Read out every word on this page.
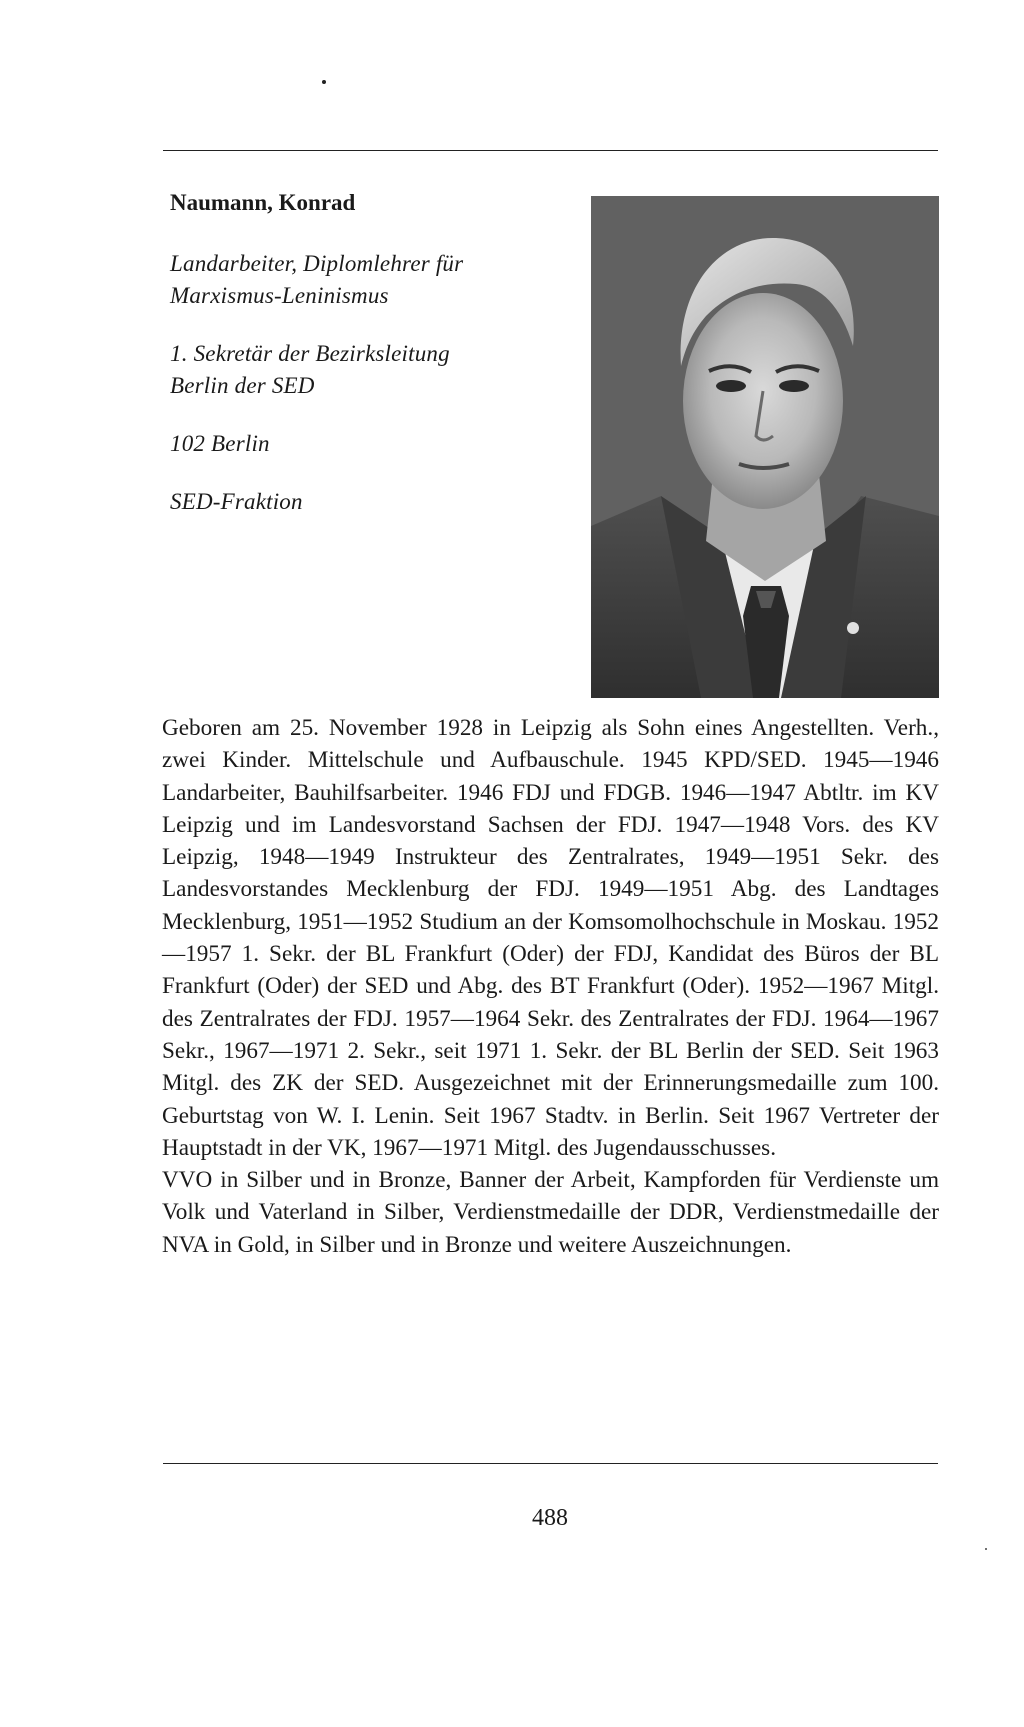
Naumann, Konrad
Landarbeiter, Diplomlehrer für
Marxismus-Leninismus
1. Sekretär der Bezirksleitung
Berlin der SED
102 Berlin
SED-Fraktion

Geboren am 25. November 1928 in Leipzig als Sohn eines Angestellten. Verh., zwei Kinder. Mittelschule und Aufbauschule. 1945 KPD/SED. 1945—1946 Landarbeiter, Bauhilfsarbeiter. 1946 FDJ und FDGB. 1946—1947 Abtltr. im KV Leipzig und im Landesvorstand Sachsen der FDJ. 1947—1948 Vors. des KV Leipzig, 1948—1949 Instrukteur des Zentralrates, 1949—1951 Sekr. des Landesvorstandes Mecklenburg der FDJ. 1949—1951 Abg. des Landtages Mecklenburg, 1951—1952 Studium an der Komsomolhochschule in Moskau. 1952—1957 1. Sekr. der BL Frankfurt (Oder) der FDJ, Kandidat des Büros der BL Frankfurt (Oder) der SED und Abg. des BT Frankfurt (Oder). 1952—1967 Mitgl. des Zentralrates der FDJ. 1957—1964 Sekr. des Zentralrates der FDJ. 1964—1967 Sekr., 1967—1971 2. Sekr., seit 1971 1. Sekr. der BL Berlin der SED. Seit 1963 Mitgl. des ZK der SED. Ausgezeichnet mit der Erinnerungsmedaille zum 100. Geburtstag von W. I. Lenin. Seit 1967 Stadtv. in Berlin. Seit 1967 Vertreter der Hauptstadt in der VK, 1967—1971 Mitgl. des Jugendausschusses.

VVO in Silber und in Bronze, Banner der Arbeit, Kampforden für Verdienste um Volk und Vaterland in Silber, Verdienstmedaille der DDR, Verdienstmedaille der NVA in Gold, in Silber und in Bronze und weitere Auszeichnungen.

488
